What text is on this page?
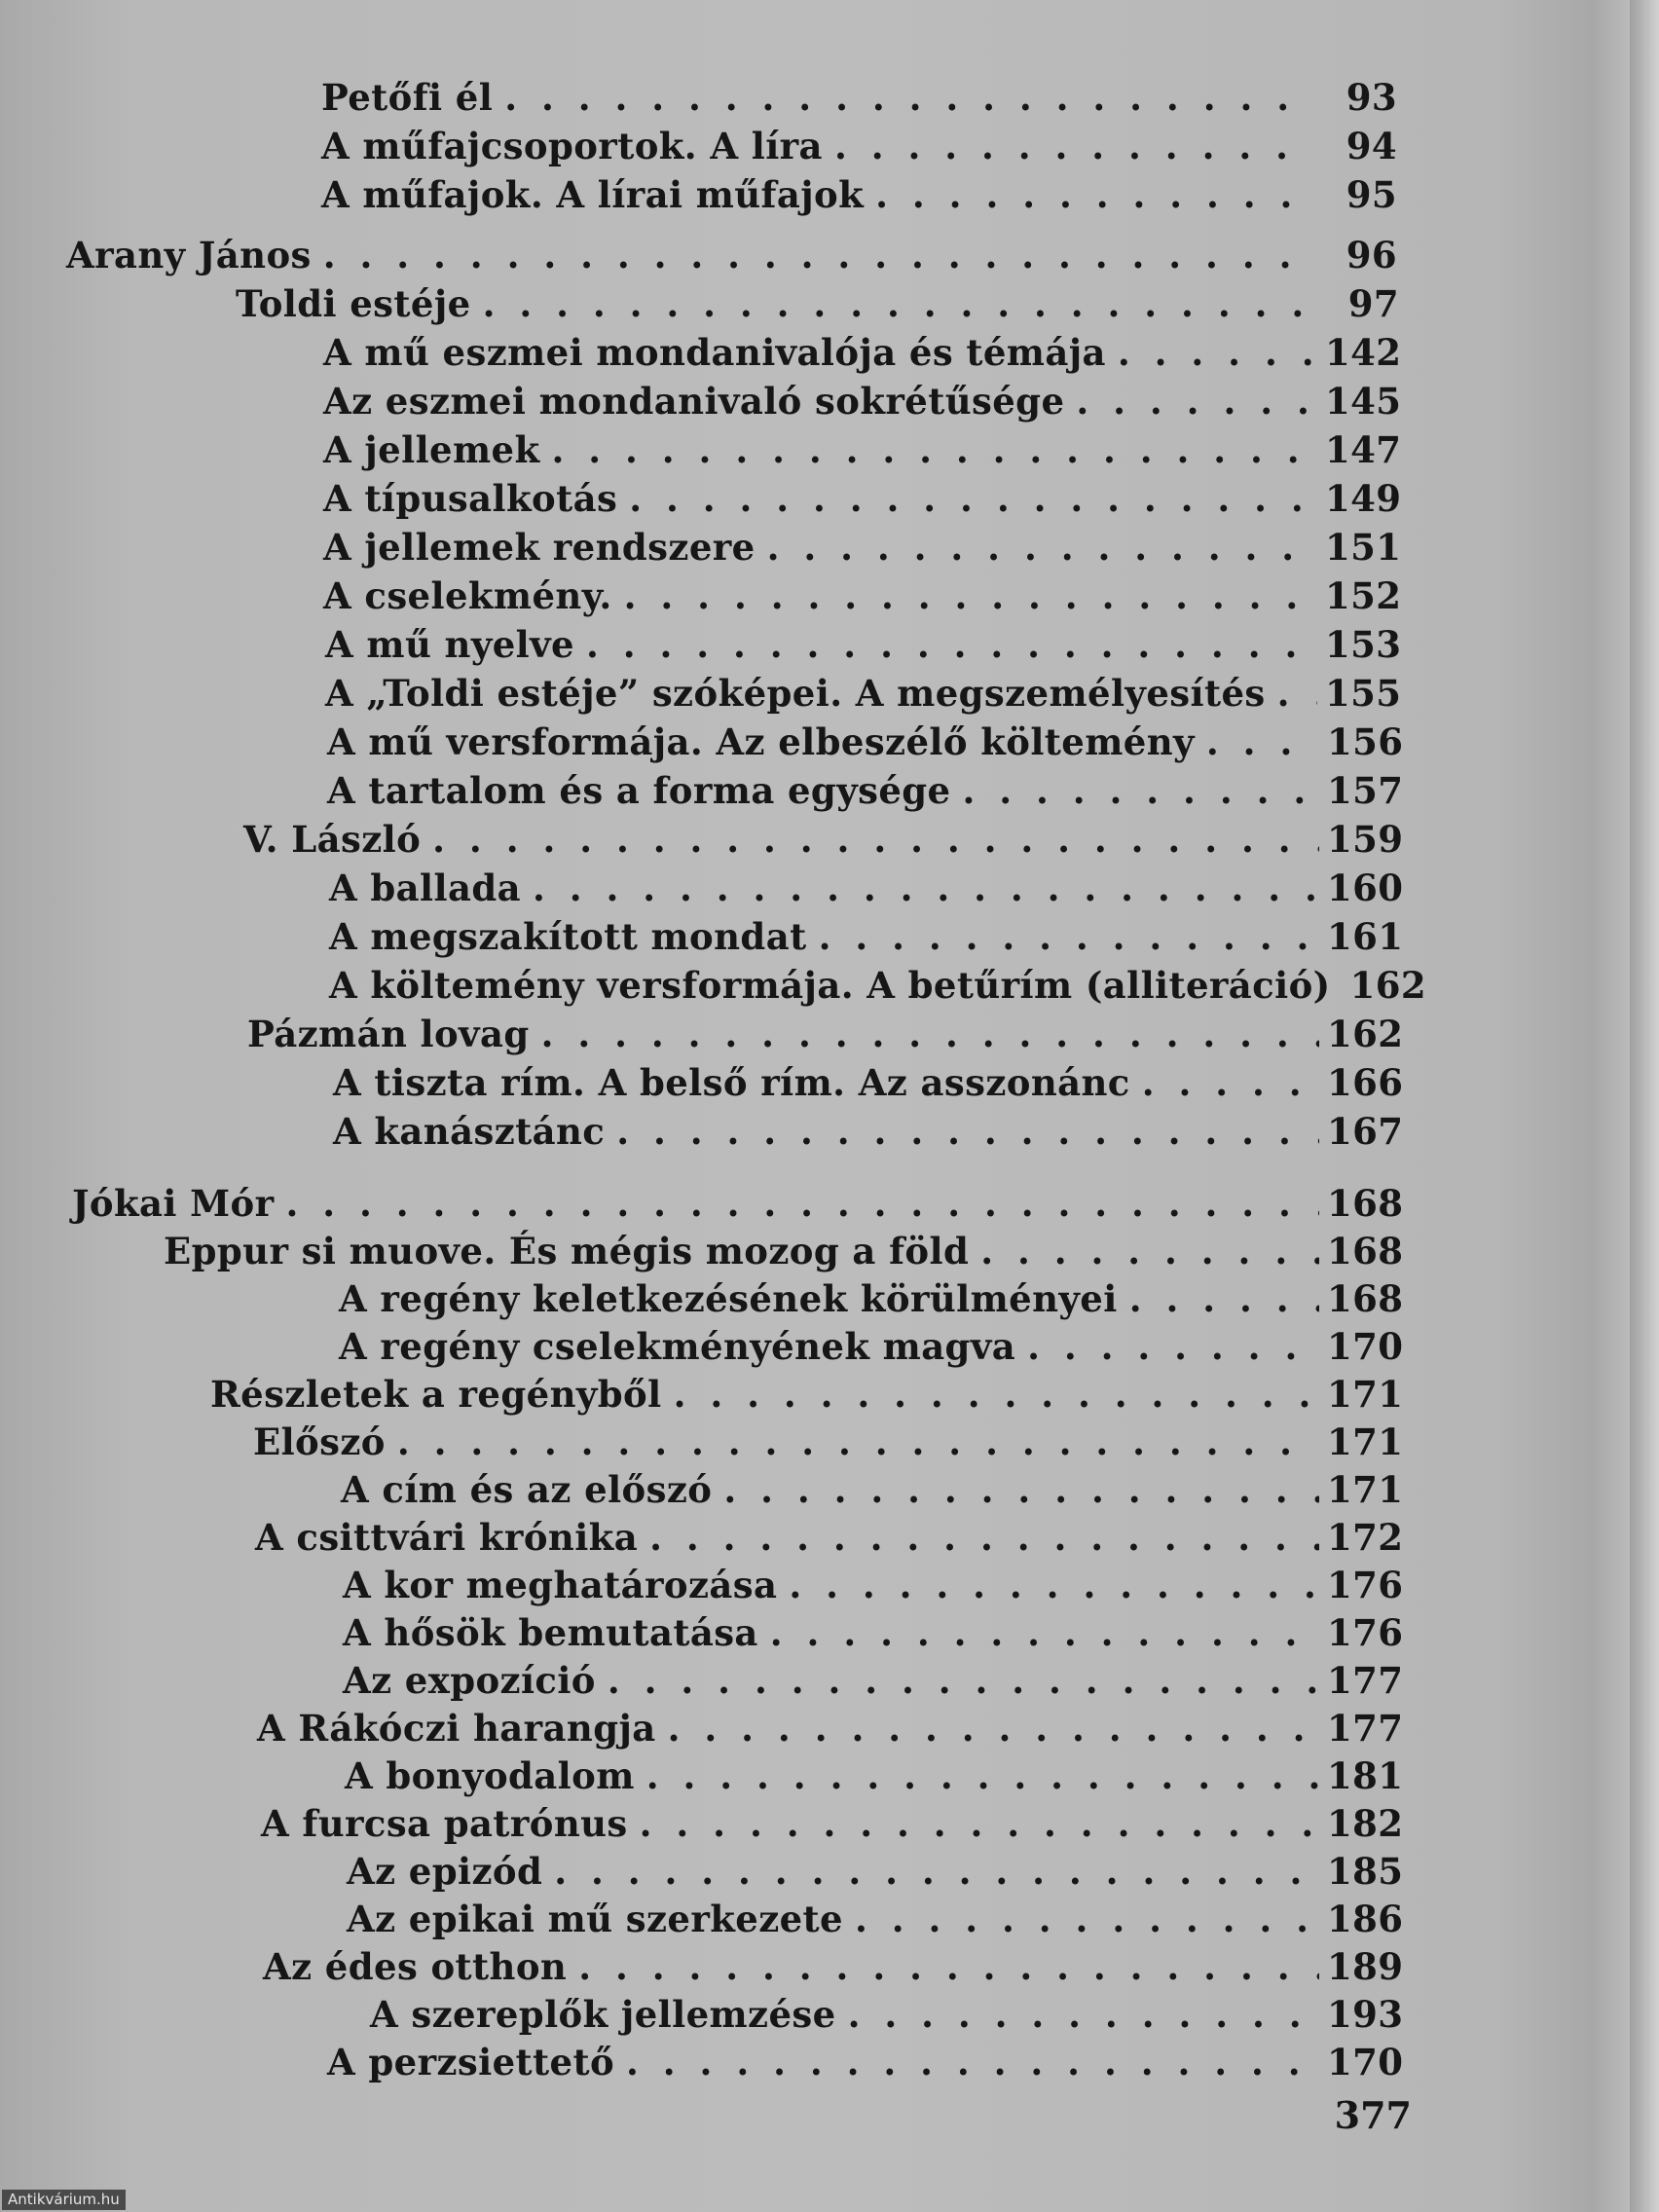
Petőfi él . . .	93
A műfajcsoportok. A líra . . .	94
A műfajok. A lírai műfajok . . .	95
Arany János . . .	96
Toldi estéje . . .	97
A mű eszmei mondanivalója és témája . . .	142
Az eszmei mondanivaló sokrétűsége . . .	145
A jellemek . . .	147
A típusalkotás . . .	149
A jellemek rendszere . . .	151
A cselekmény. . . .	152
A mű nyelve . . .	153
A „Toldi estéje” szóképei. A megszemélyesítés . . . 155
A mű versformája. Az elbeszélő költemény . . .	156
A tartalom és a forma egysége . . .	157
V. László . . .	159
A ballada . . .	160
A megszakított mondat . . .	161
A költemény versformája. A betűrím (alliteráció) 162
Pázmán lovag . . .	162
A tiszta rím. A belső rím. Az asszonánc . . .	166
A kanásztánc . . .	167
Jókai Mór . . .	168
Eppur si muove. És mégis mozog a föld . . .	168
A regény keletkezésének körülményei . . .	168
A regény cselekményének magva . . .	170
Részletek a regényből . . .	171
Előszó . . .	171
A cím és az előszó . . .	171
A csittvári krónika . . .	172
A kor meghatározása . . .	176
A hősök bemutatása . . .	176
Az expozíció . . .	177
A Rákóczi harangja . . .	177
A bonyodalom . . .	181
A furcsa patrónus . . .	182
Az epizód . . .	185
Az epikai mű szerkezete . . .	186
Az édes otthon . . .	189
A szereplők jellemzése . . .	193
A perzsiettető . . .	170
377
Antikvárium.hu
